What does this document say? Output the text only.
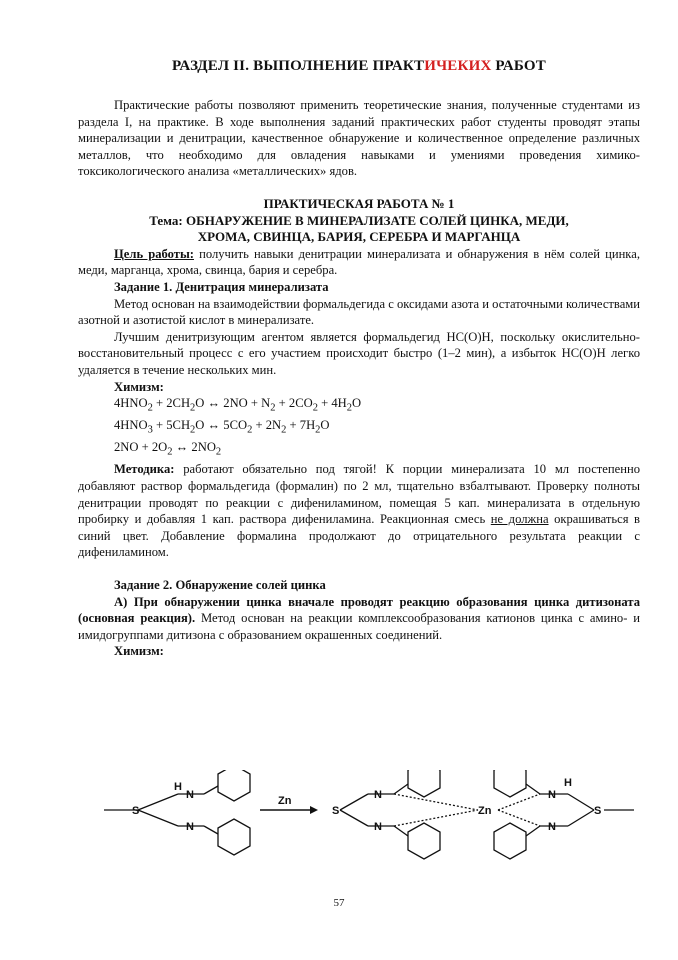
РАЗДЕЛ II. ВЫПОЛНЕНИЕ ПРАКТИЧЕКИХ РАБОТ

Практические работы позволяют применить теоретические знания, полученные студентами из раздела I, на практике. В ходе выполнения заданий практических работ студенты проводят этапы минерализации и денитрации, качественное обнаружение и количественное определение различных металлов, что необходимо для овладения навыками и умениями проведения химико-токсикологического анализа «металлических» ядов.

ПРАКТИЧЕСКАЯ РАБОТА № 1
Тема: ОБНАРУЖЕНИЕ В МИНЕРАЛИЗАТЕ СОЛЕЙ ЦИНКА, МЕДИ,
ХРОМА, СВИНЦА, БАРИЯ, СЕРЕБРА И МАРГАНЦА

Цель работы: получить навыки денитрации минерализата и обнаружения в нём солей цинка, меди, марганца, хрома, свинца, бария и серебра.

Задание 1. Денитрация минерализата

Метод основан на взаимодействии формальдегида с оксидами азота и остаточными количествами азотной и азотистой кислот в минерализате.

Лучшим денитризующим агентом является формальдегид HC(O)H, поскольку окислительно-восстановительный процесс с его участием происходит быстро (1–2 мин), а избыток HC(O)H легко удаляется в течение нескольких мин.

Химизм:

$4HNO_2 + 2CH_2O$ ↔ $2NO + N_2 + 2CO_2 + 4H_2O$
$4HNO_3 + 5CH_2O$ ↔ $5CO_2 + 2N_2 + 7H_2O$
$2NO + 2O_2$ ↔ $2NO_2$

Методика: работают обязательно под тягой! К порции минерализата 10 мл постепенно добавляют раствор формальдегида (формалин) по 2 мл, тщательно взбалтывают. Проверку полноты денитрации проводят по реакции с дифениламином, помещая 5 кап. минерализата в отдельную пробирку и добавляя 1 кап. раствора дифениламина. Реакционная смесь не должна окрашиваться в синий цвет. Добавление формалина продолжают до отрицательного результата реакции с дифениламином.

Задание 2. Обнаружение солей цинка

А) При обнаружении цинка вначале проводят реакцию образования цинка дитизоната (основная реакция). Метод основан на реакции комплексообразования катионов цинка с амино- и имидогруппами дитизона с образованием окрашенных соединений.

Химизм:

H
N
N
S
Zn
S
N
N
Zn
N
N
S
H
57
